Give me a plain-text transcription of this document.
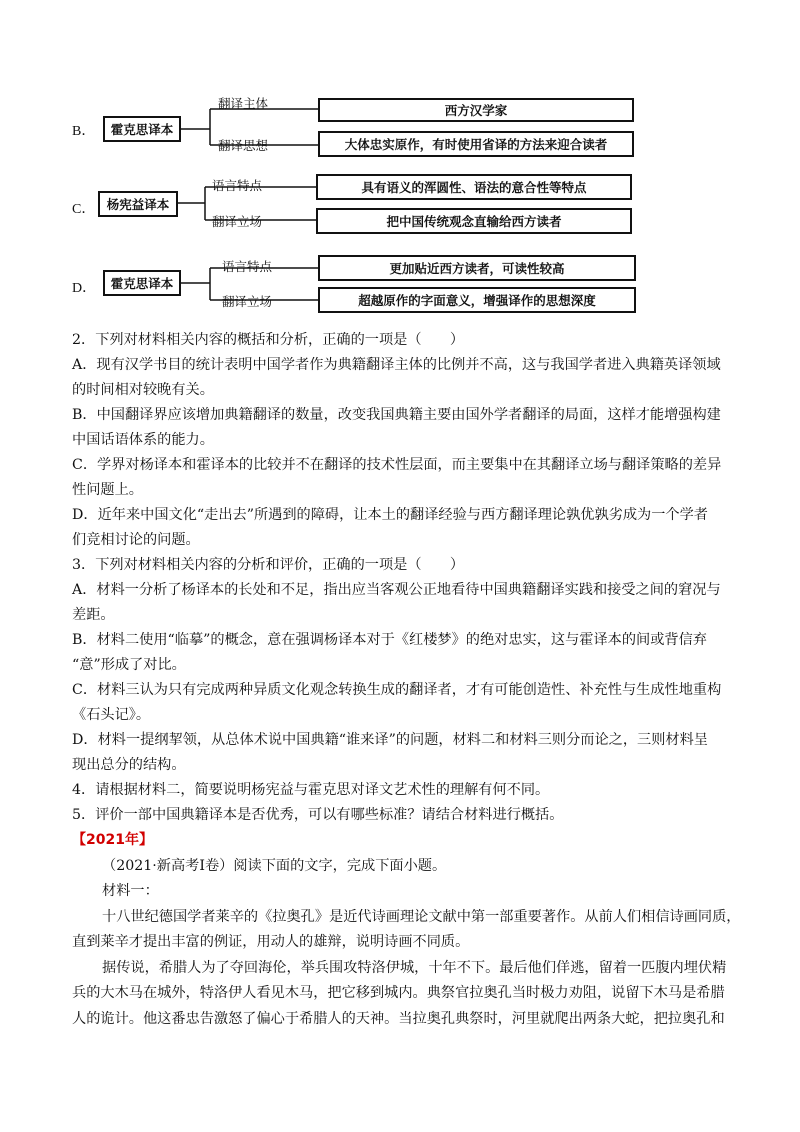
B．	霍克思译本
翻译主体
翻译思想
西方汉学家
大体忠实原作，有时使用省译的方法来迎合读者
C． 杨宪益译本
语言特点
翻译立场
具有语义的浑圆性、语法的意合性等特点
把中国传统观念直输给西方读者
D．	霍克思译本
语言特点
翻译立场
更加贴近西方读者，可读性较高
超越原作的字面意义，增强译作的思想深度
2．下列对材料相关内容的概括和分析，正确的一项是（　　）
A．现有汉学书目的统计表明中国学者作为典籍翻译主体的比例并不高，这与我国学者进入典籍英译领域
的时间相对较晚有关。
B．中国翻译界应该增加典籍翻译的数量，改变我国典籍主要由国外学者翻译的局面，这样才能增强构建
中国话语体系的能力。
C．学界对杨译本和霍译本的比较并不在翻译的技术性层面，而主要集中在其翻译立场与翻译策略的差异
性问题上。
D．近年来中国文化“走出去”所遇到的障碍，让本土的翻译经验与西方翻译理论孰优孰劣成为一个学者
们竞相讨论的问题。
3．下列对材料相关内容的分析和评价，正确的一项是（　　）
A．材料一分析了杨译本的长处和不足，指出应当客观公正地看待中国典籍翻译实践和接受之间的窘况与
差距。
B．材料二使用“临摹”的概念，意在强调杨译本对于《红楼梦》的绝对忠实，这与霍译本的间或背信弃
“意”形成了对比。
C．材料三认为只有完成两种异质文化观念转换生成的翻译者，才有可能创造性、补充性与生成性地重构
《石头记》。
D．材料一提纲挈领，从总体术说中国典籍“谁来译”的问题，材料二和材料三则分而论之，三则材料呈
现出总分的结构。
4．请根据材料二，简要说明杨宪益与霍克思对译文艺术性的理解有何不同。
5．评价一部中国典籍译本是否优秀，可以有哪些标准？请结合材料进行概括。
【2021年】
（2021·新高考Ⅰ卷）阅读下面的文字，完成下面小题。
材料一：
十八世纪德国学者莱辛的《拉奥孔》是近代诗画理论文献中第一部重要著作。从前人们相信诗画同质，
直到莱辛才提出丰富的例证，用动人的雄辩，说明诗画不同质。
据传说，希腊人为了夺回海伦，举兵围攻特洛伊城，十年不下。最后他们佯逃，留着一匹腹内埋伏精
兵的大木马在城外，特洛伊人看见木马，把它移到城内。典祭官拉奥孔当时极力劝阻，说留下木马是希腊
人的诡计。他这番忠告激怒了偏心于希腊人的天神。当拉奥孔典祭时，河里就爬出两条大蛇，把拉奥孔和
